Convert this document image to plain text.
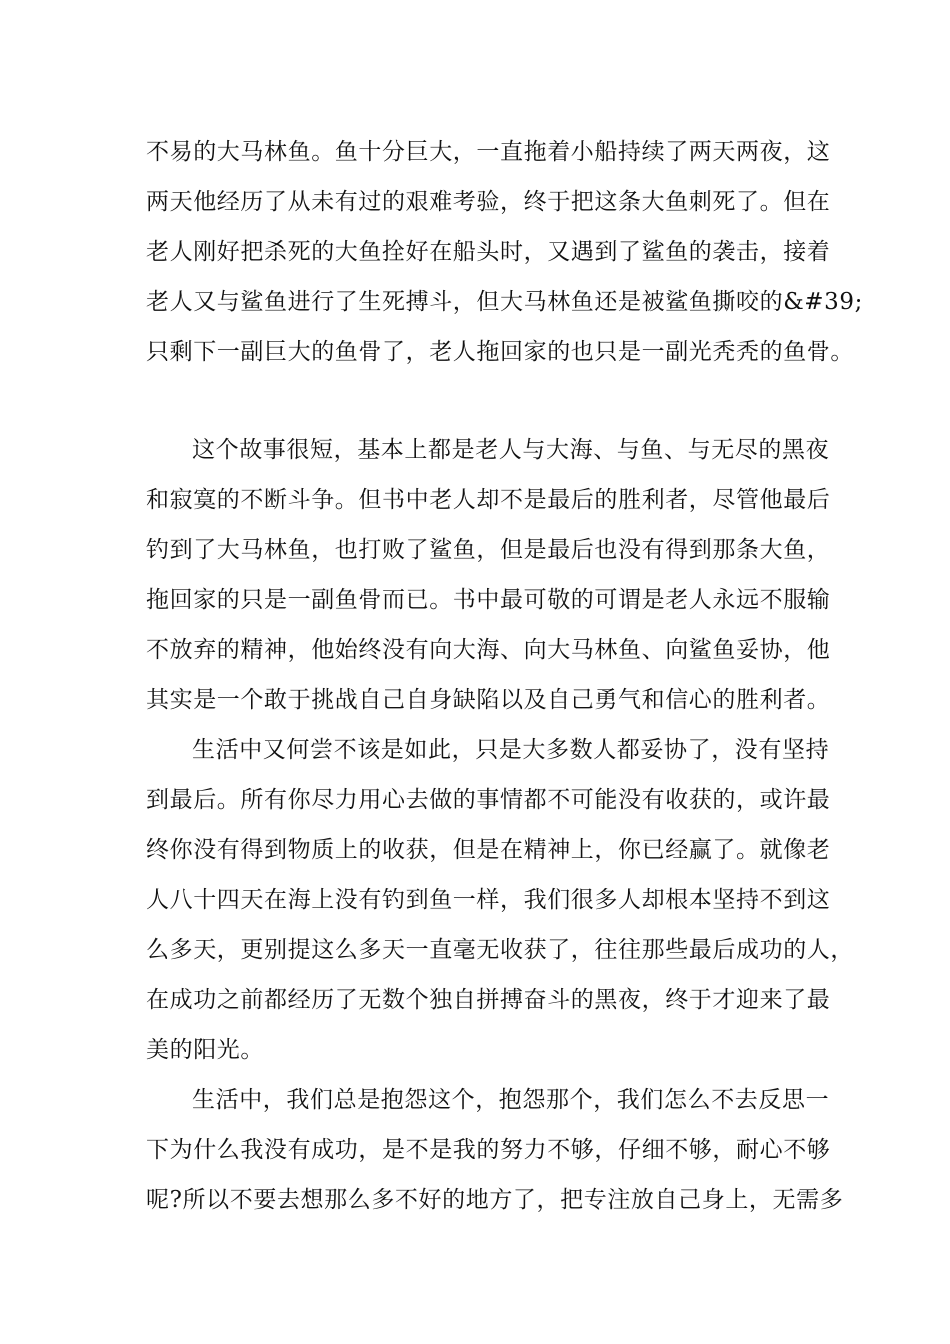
不易的大马林鱼。鱼十分巨大，一直拖着小船持续了两天两夜，这
两天他经历了从未有过的艰难考验，终于把这条大鱼刺死了。但在
老人刚好把杀死的大鱼拴好在船头时，又遇到了鲨鱼的袭击，接着
老人又与鲨鱼进行了生死搏斗，但大马林鱼还是被鲨鱼撕咬的&#39;
只剩下一副巨大的鱼骨了，老人拖回家的也只是一副光秃秃的鱼骨。
这个故事很短，基本上都是老人与大海、与鱼、与无尽的黑夜
和寂寞的不断斗争。但书中老人却不是最后的胜利者，尽管他最后
钓到了大马林鱼，也打败了鲨鱼，但是最后也没有得到那条大鱼，
拖回家的只是一副鱼骨而已。书中最可敬的可谓是老人永远不服输
不放弃的精神，他始终没有向大海、向大马林鱼、向鲨鱼妥协，他
其实是一个敢于挑战自己自身缺陷以及自己勇气和信心的胜利者。
生活中又何尝不该是如此，只是大多数人都妥协了，没有坚持
到最后。所有你尽力用心去做的事情都不可能没有收获的，或许最
终你没有得到物质上的收获，但是在精神上，你已经赢了。就像老
人八十四天在海上没有钓到鱼一样，我们很多人却根本坚持不到这
么多天，更别提这么多天一直毫无收获了，往往那些最后成功的人，
在成功之前都经历了无数个独自拼搏奋斗的黑夜，终于才迎来了最
美的阳光。
生活中，我们总是抱怨这个，抱怨那个，我们怎么不去反思一
下为什么我没有成功，是不是我的努力不够，仔细不够，耐心不够
呢?所以不要去想那么多不好的地方了，把专注放自己身上，无需多
